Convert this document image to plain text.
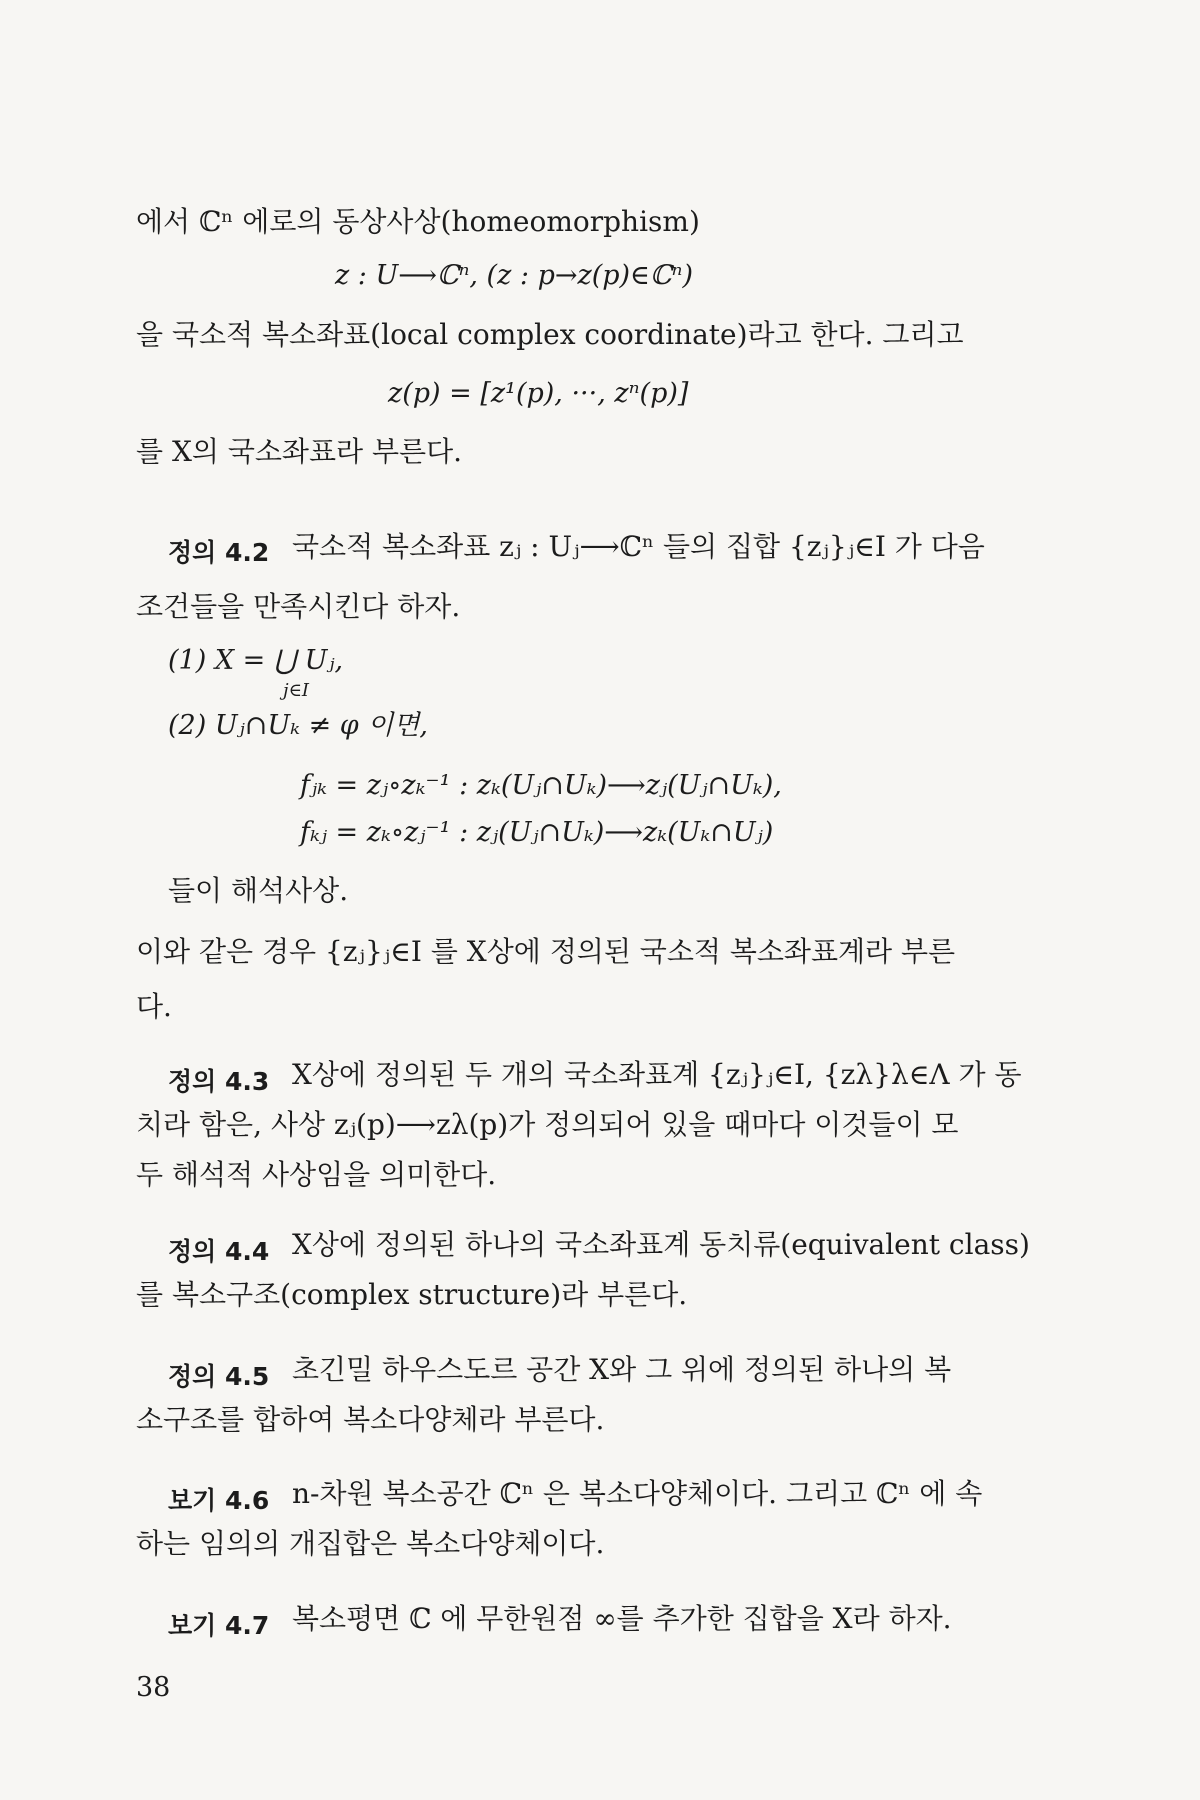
에서 ℂⁿ 에로의 동상사상(homeomorphism)
z : U⟶ℂⁿ, (z : p→z(p)∈ℂⁿ)
을 국소적 복소좌표(local complex coordinate)라고 한다. 그리고
z(p) = [z¹(p), ···, zⁿ(p)]
를 X의 국소좌표라 부른다.
정의 4.2 국소적 복소좌표 zⱼ : Uⱼ⟶ℂⁿ 들의 집합 {zⱼ}ⱼ∈I 가 다음
조건들을 만족시킨다 하자.
(1) X = ⋃ Uⱼ,
j∈I
(2) Uⱼ∩Uₖ ≠ φ 이면,
fⱼₖ = zⱼ∘zₖ⁻¹ : zₖ(Uⱼ∩Uₖ)⟶zⱼ(Uⱼ∩Uₖ),
fₖⱼ = zₖ∘zⱼ⁻¹ : zⱼ(Uⱼ∩Uₖ)⟶zₖ(Uₖ∩Uⱼ)
들이 해석사상.
이와 같은 경우 {zⱼ}ⱼ∈I 를 X상에 정의된 국소적 복소좌표계라 부른
다.
정의 4.3 X상에 정의된 두 개의 국소좌표계 {zⱼ}ⱼ∈I, {zλ}λ∈Λ 가 동
치라 함은, 사상 zⱼ(p)⟶zλ(p)가 정의되어 있을 때마다 이것들이 모
두 해석적 사상임을 의미한다.
정의 4.4 X상에 정의된 하나의 국소좌표계 동치류(equivalent class)
를 복소구조(complex structure)라 부른다.
정의 4.5 초긴밀 하우스도르 공간 X와 그 위에 정의된 하나의 복
소구조를 합하여 복소다양체라 부른다.
보기 4.6 n-차원 복소공간 ℂⁿ 은 복소다양체이다. 그리고 ℂⁿ 에 속
하는 임의의 개집합은 복소다양체이다.
보기 4.7 복소평면 ℂ 에 무한원점 ∞를 추가한 집합을 X라 하자.
38
